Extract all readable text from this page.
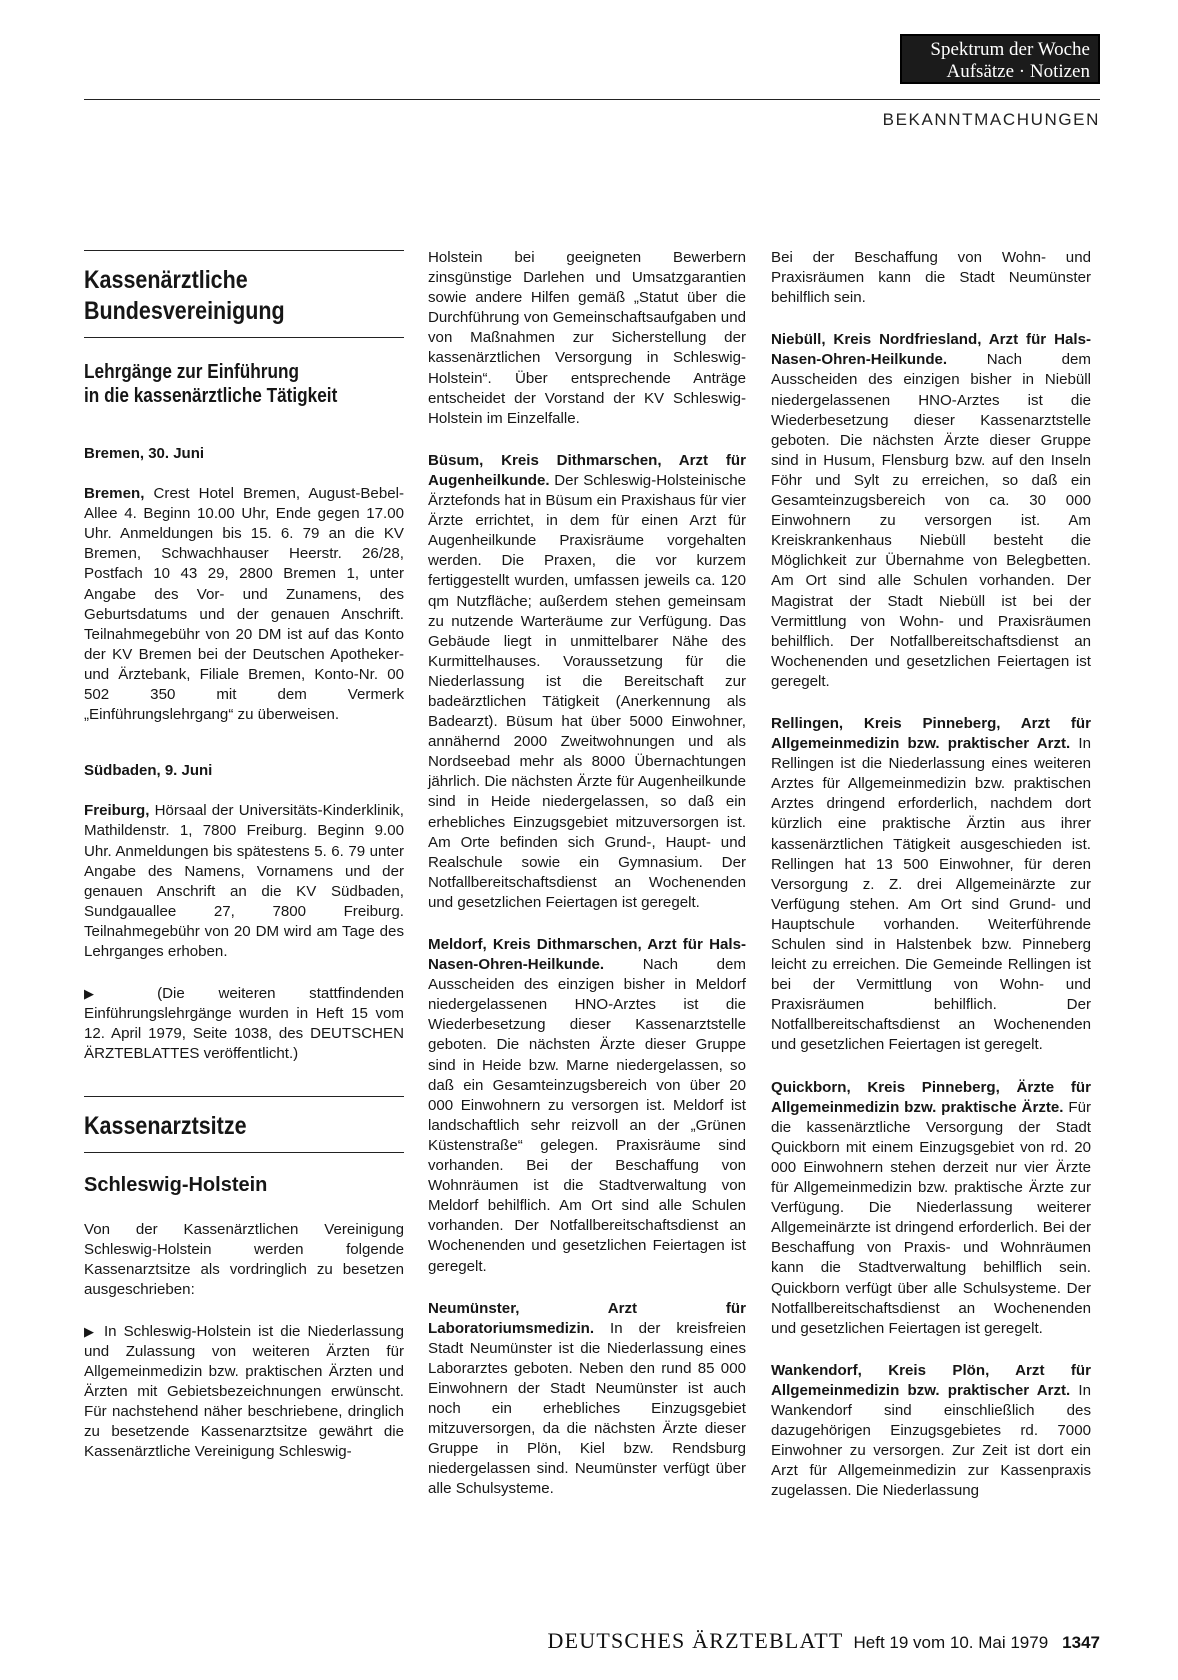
Spektrum der Woche
Aufsätze · Notizen
BEKANNTMACHUNGEN
Kassenärztliche
Bundesvereinigung
Lehrgänge zur Einführung
in die kassenärztliche Tätigkeit
Bremen, 30. Juni

Bremen, Crest Hotel Bremen, August-Bebel-Allee 4. Beginn 10.00 Uhr, Ende gegen 17.00 Uhr. Anmeldungen bis 15. 6. 79 an die KV Bremen, Schwachhauser Heerstr. 26/28, Postfach 10 43 29, 2800 Bremen 1, unter Angabe des Vor- und Zunamens, des Geburtsdatums und der genauen Anschrift. Teilnahmegebühr von 20 DM ist auf das Konto der KV Bremen bei der Deutschen Apotheker- und Ärztebank, Filiale Bremen, Konto-Nr. 00 502 350 mit dem Vermerk „Einführungslehrgang“ zu überweisen.

Südbaden, 9. Juni

Freiburg, Hörsaal der Universitäts-Kinderklinik, Mathildenstr. 1, 7800 Freiburg. Beginn 9.00 Uhr. Anmeldungen bis spätestens 5. 6. 79 unter Angabe des Namens, Vornamens und der genauen Anschrift an die KV Südbaden, Sundgauallee 27, 7800 Freiburg. Teilnahmegebühr von 20 DM wird am Tage des Lehrganges erhoben.

▶ (Die weiteren stattfindenden Einführungslehrgänge wurden in Heft 15 vom 12. April 1979, Seite 1038, des DEUTSCHEN ÄRZTEBLATTES veröffentlicht.)

Kassenarztsitze
Schleswig-Holstein

Von der Kassenärztlichen Vereinigung Schleswig-Holstein werden folgende Kassenarztsitze als vordringlich zu besetzen ausgeschrieben:

▶ In Schleswig-Holstein ist die Niederlassung und Zulassung von weiteren Ärzten für Allgemeinmedizin bzw. praktischen Ärzten und Ärzten mit Gebietsbezeichnungen erwünscht. Für nachstehend näher beschriebene, dringlich zu besetzende Kassenarztsitze gewährt die Kassenärztliche Vereinigung Schleswig-

Holstein bei geeigneten Bewerbern zinsgünstige Darlehen und Umsatzgarantien sowie andere Hilfen gemäß „Statut über die Durchführung von Gemeinschaftsaufgaben und von Maßnahmen zur Sicherstellung der kassenärztlichen Versorgung in Schleswig-Holstein“. Über entsprechende Anträge entscheidet der Vorstand der KV Schleswig-Holstein im Einzelfalle.

Büsum, Kreis Dithmarschen, Arzt für Augenheilkunde. Der Schleswig-Holsteinische Ärztefonds hat in Büsum ein Praxishaus für vier Ärzte errichtet, in dem für einen Arzt für Augenheilkunde Praxisräume vorgehalten werden. Die Praxen, die vor kurzem fertiggestellt wurden, umfassen jeweils ca. 120 qm Nutzfläche; außerdem stehen gemeinsam zu nutzende Warteräume zur Verfügung. Das Gebäude liegt in unmittelbarer Nähe des Kurmittelhauses. Voraussetzung für die Niederlassung ist die Bereitschaft zur badeärztlichen Tätigkeit (Anerkennung als Badearzt). Büsum hat über 5000 Einwohner, annähernd 2000 Zweitwohnungen und als Nordseebad mehr als 8000 Übernachtungen jährlich. Die nächsten Ärzte für Augenheilkunde sind in Heide niedergelassen, so daß ein erhebliches Einzugsgebiet mitzuversorgen ist. Am Orte befinden sich Grund-, Haupt- und Realschule sowie ein Gymnasium. Der Notfallbereitschaftsdienst an Wochenenden und gesetzlichen Feiertagen ist geregelt.

Meldorf, Kreis Dithmarschen, Arzt für Hals-Nasen-Ohren-Heilkunde.	Nach dem Ausscheiden des einzigen bisher in Meldorf niedergelassenen HNO-Arztes ist die Wiederbesetzung dieser Kassenarztstelle geboten. Die nächsten Ärzte dieser Gruppe sind in Heide bzw. Marne niedergelassen, so daß ein Gesamteinzugsbereich von über 20 000 Einwohnern zu versorgen ist. Meldorf ist landschaftlich sehr reizvoll an der „Grünen Küstenstraße“ gelegen. Praxisräume sind vorhanden. Bei der Beschaffung von Wohnräumen ist die Stadtverwaltung von Meldorf behilflich. Am Ort sind alle Schulen vorhanden. Der Notfallbereitschaftsdienst an Wochenenden und gesetzlichen Feiertagen ist geregelt.

Neumünster, Arzt für Laboratoriumsmedizin. In der kreisfreien Stadt Neumünster ist die Niederlassung eines Laborarztes geboten. Neben den rund 85 000 Einwohnern der Stadt Neumünster ist auch noch ein erhebliches Einzugsgebiet mitzuversorgen, da die nächsten Ärzte dieser Gruppe in Plön, Kiel bzw. Rendsburg niedergelassen sind. Neumünster verfügt über alle Schulsysteme.

Bei der Beschaffung von Wohn- und Praxisräumen kann die Stadt Neumünster behilflich sein.

Niebüll, Kreis Nordfriesland, Arzt für Hals-Nasen-Ohren-Heilkunde.	Nach dem Ausscheiden des einzigen bisher in Niebüll niedergelassenen HNO-Arztes ist die Wiederbesetzung dieser Kassenarztstelle geboten. Die nächsten Ärzte dieser Gruppe sind in Husum, Flensburg bzw. auf den Inseln Föhr und Sylt zu erreichen, so daß ein Gesamteinzugsbereich von ca. 30 000 Einwohnern zu versorgen ist. Am Kreiskrankenhaus Niebüll besteht die Möglichkeit zur Übernahme von Belegbetten. Am Ort sind alle Schulen vorhanden. Der Magistrat der Stadt Niebüll ist bei der Vermittlung von Wohn- und Praxisräumen behilflich. Der Notfallbereitschaftsdienst an Wochenenden und gesetzlichen Feiertagen ist geregelt.

Rellingen, Kreis Pinneberg, Arzt für Allgemeinmedizin bzw. praktischer Arzt. In Rellingen ist die Niederlassung eines weiteren Arztes für Allgemeinmedizin bzw. praktischen Arztes dringend erforderlich, nachdem dort kürzlich eine praktische Ärztin aus ihrer kassenärztlichen Tätigkeit ausgeschieden ist. Rellingen hat 13 500 Einwohner, für deren Versorgung z. Z. drei Allgemeinärzte zur Verfügung stehen. Am Ort sind Grund- und Hauptschule vorhanden. Weiterführende Schulen sind in Halstenbek bzw. Pinneberg leicht zu erreichen. Die Gemeinde Rellingen ist bei der Vermittlung von Wohn- und Praxisräumen behilflich. Der Notfallbereitschaftsdienst an Wochenenden und gesetzlichen Feiertagen ist geregelt.

Quickborn, Kreis Pinneberg, Ärzte für Allgemeinmedizin bzw. praktische Ärzte. Für die kassenärztliche Versorgung der Stadt Quickborn mit einem Einzugsgebiet von rd. 20 000 Einwohnern stehen derzeit nur vier Ärzte für Allgemeinmedizin bzw. praktische Ärzte zur Verfügung. Die Niederlassung weiterer Allgemeinärzte ist dringend erforderlich. Bei der Beschaffung von Praxis- und Wohnräumen kann die Stadtverwaltung behilflich sein. Quickborn verfügt über alle Schulsysteme. Der Notfallbereitschaftsdienst an Wochenenden und gesetzlichen Feiertagen ist geregelt.

Wankendorf, Kreis Plön, Arzt für Allgemeinmedizin bzw. praktischer Arzt. In Wankendorf sind einschließlich des dazugehörigen Einzugsgebietes rd. 7000 Einwohner zu versorgen. Zur Zeit ist dort ein Arzt für Allgemeinmedizin zur Kassenpraxis zugelassen. Die Niederlassung

DEUTSCHES ÄRZTEBLATT Heft 19 vom 10. Mai 1979 1347
